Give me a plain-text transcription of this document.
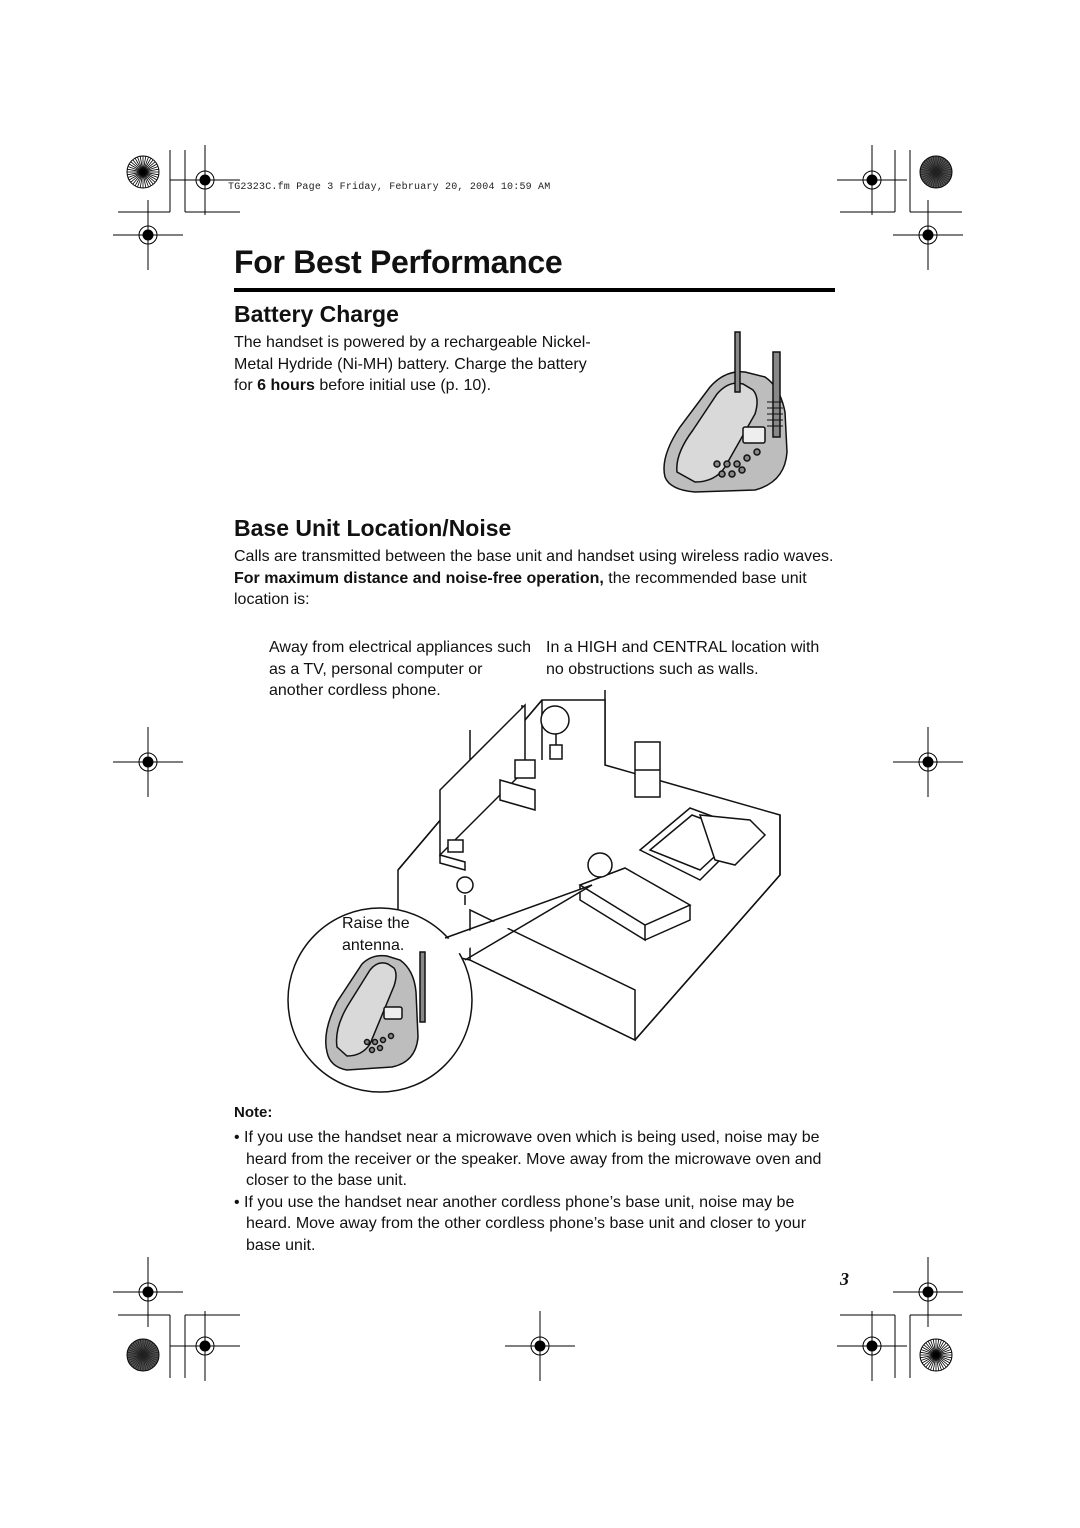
TG2323C.fm Page 3 Friday, February 20, 2004 10:59 AM
For Best Performance
Battery Charge
The handset is powered by a rechargeable Nickel-Metal Hydride (Ni-MH) battery. Charge the battery for 6 hours before initial use (p. 10).
Base Unit Location/Noise
Calls are transmitted between the base unit and handset using wireless radio waves. For maximum distance and noise-free operation, the recommended base unit location is:
Away from electrical appliances such as a TV, personal computer or another cordless phone.
In a HIGH and CENTRAL location with no obstructions such as walls.
Raise the antenna.
Note:
• If you use the handset near a microwave oven which is being used, noise may be heard from the receiver or the speaker. Move away from the microwave oven and closer to the base unit.
• If you use the handset near another cordless phone’s base unit, noise may be heard. Move away from the other cordless phone’s base unit and closer to your base unit.
3
